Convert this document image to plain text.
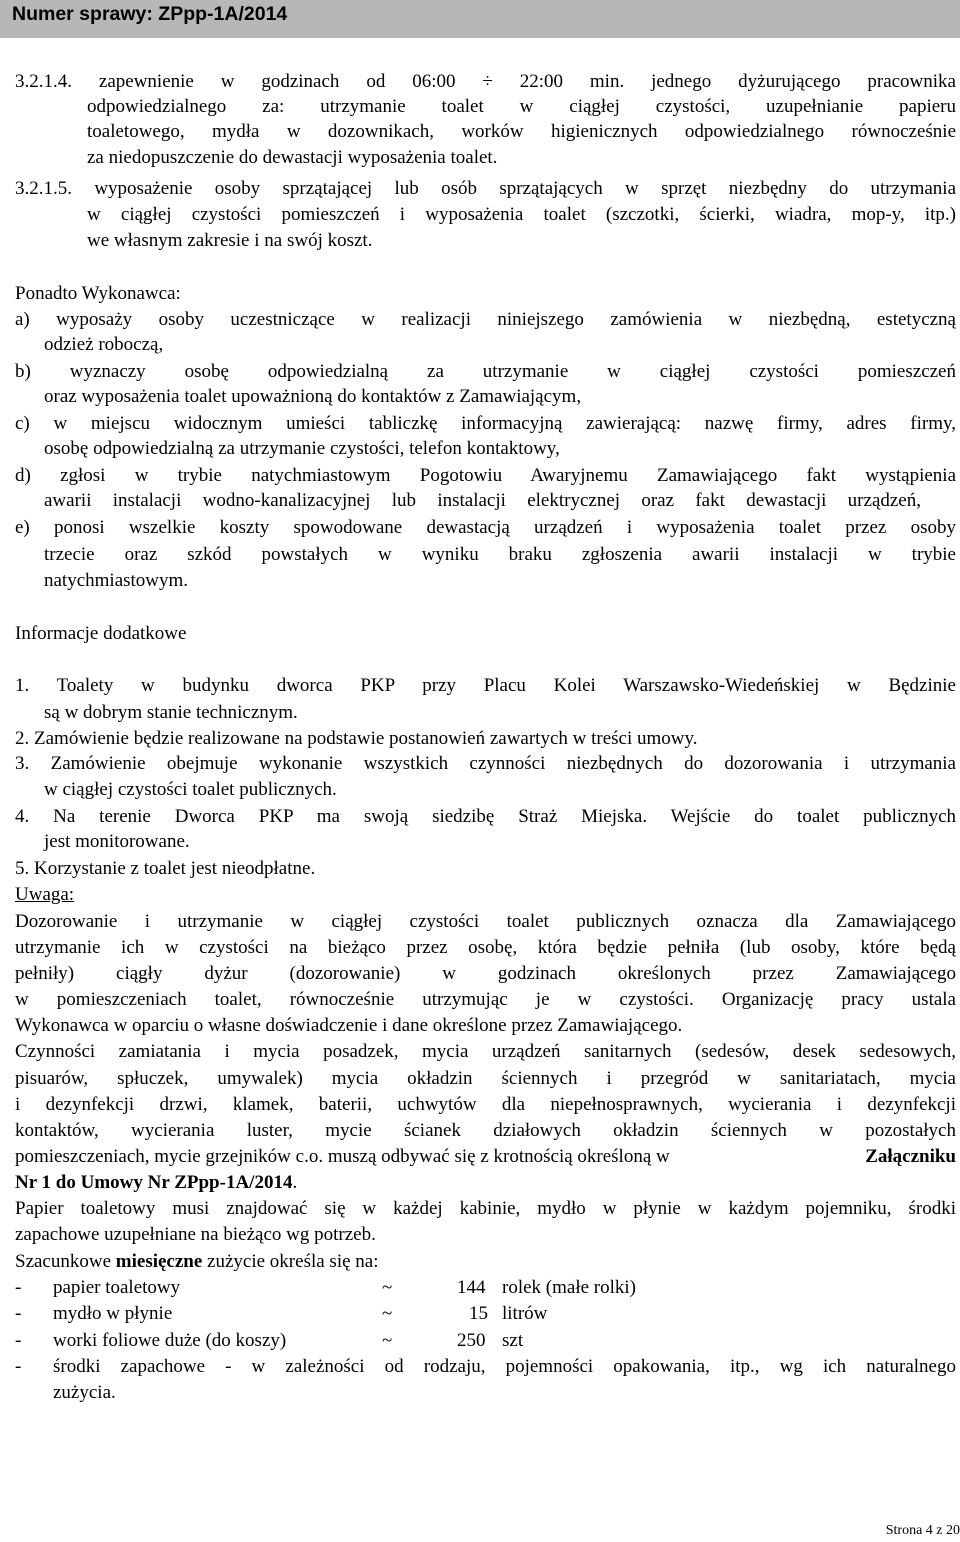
Numer sprawy: ZPpp-1A/2014
3.2.1.4. zapewnienie w godzinach od 06:00 ÷ 22:00 min. jednego dyżurującego pracownika
odpowiedzialnego za: utrzymanie toalet w ciągłej czystości, uzupełnianie papieru
toaletowego, mydła w dozownikach, worków higienicznych odpowiedzialnego równocześnie
za niedopuszczenie do dewastacji wyposażenia toalet.
3.2.1.5. wyposażenie osoby sprzątającej lub osób sprzątających w sprzęt niezbędny do utrzymania
w ciągłej czystości pomieszczeń i wyposażenia toalet (szczotki, ścierki, wiadra, mop-y, itp.)
we własnym zakresie i na swój koszt.
Ponadto Wykonawca:
a) wyposaży osoby uczestniczące w realizacji niniejszego zamówienia w niezbędną, estetyczną
odzież roboczą,
b) wyznaczy osobę odpowiedzialną za utrzymanie w ciągłej czystości pomieszczeń
oraz wyposażenia toalet upoważnioną do kontaktów z Zamawiającym,
c) w miejscu widocznym umieści tabliczkę informacyjną zawierającą: nazwę firmy, adres firmy,
osobę odpowiedzialną za utrzymanie czystości, telefon kontaktowy,
d) zgłosi w trybie natychmiastowym Pogotowiu Awaryjnemu Zamawiającego fakt wystąpienia
awarii instalacji wodno-kanalizacyjnej lub instalacji elektrycznej oraz fakt dewastacji urządzeń,
e) ponosi wszelkie koszty spowodowane dewastacją urządzeń i wyposażenia toalet przez osoby
trzecie oraz szkód powstałych w wyniku braku zgłoszenia awarii instalacji w trybie
natychmiastowym.
Informacje dodatkowe
1. Toalety w budynku dworca PKP przy Placu Kolei Warszawsko-Wiedeńskiej w Będzinie
są w dobrym stanie technicznym.
2. Zamówienie będzie realizowane na podstawie postanowień zawartych w treści umowy.
3. Zamówienie obejmuje wykonanie wszystkich czynności niezbędnych do dozorowania i utrzymania
w ciągłej czystości toalet publicznych.
4. Na terenie Dworca PKP ma swoją siedzibę Straż Miejska. Wejście do toalet publicznych
jest monitorowane.
5. Korzystanie z toalet jest nieodpłatne.
Uwaga:
Dozorowanie i utrzymanie w ciągłej czystości toalet publicznych oznacza dla Zamawiającego
utrzymanie ich w czystości na bieżąco przez osobę, która będzie pełniła (lub osoby, które będą
pełniły) ciągły dyżur (dozorowanie) w godzinach określonych przez Zamawiającego
w pomieszczeniach toalet, równocześnie utrzymując je w czystości. Organizację pracy ustala
Wykonawca w oparciu o własne doświadczenie i dane określone przez Zamawiającego.
Czynności zamiatania i mycia posadzek, mycia urządzeń sanitarnych (sedesów, desek sedesowych,
pisuarów, spłuczek, umywalek) mycia okładzin ściennych i przegród w sanitariatach, mycia
i dezynfekcji drzwi, klamek, baterii, uchwytów dla niepełnosprawnych, wycierania i dezynfekcji
kontaktów, wycierania luster, mycie ścianek działowych okładzin ściennych w pozostałych
pomieszczeniach, mycie grzejników c.o. muszą odbywać się z krotnością określoną w	Załączniku
Nr 1 do Umowy Nr ZPpp-1A/2014.
Papier toaletowy musi znajdować się w każdej kabinie, mydło w płynie w każdym pojemniku, środki
zapachowe uzupełniane na bieżąco wg potrzeb.
Szacunkowe miesięczne zużycie określa się na:
- papier toaletowy	~	144 rolek (małe rolki)
- mydło w płynie	~	15 litrów
- worki foliowe duże (do koszy)	~	250 szt
- środki zapachowe - w zależności od rodzaju, pojemności opakowania, itp., wg ich naturalnego
zużycia.
Strona 4 z 20
